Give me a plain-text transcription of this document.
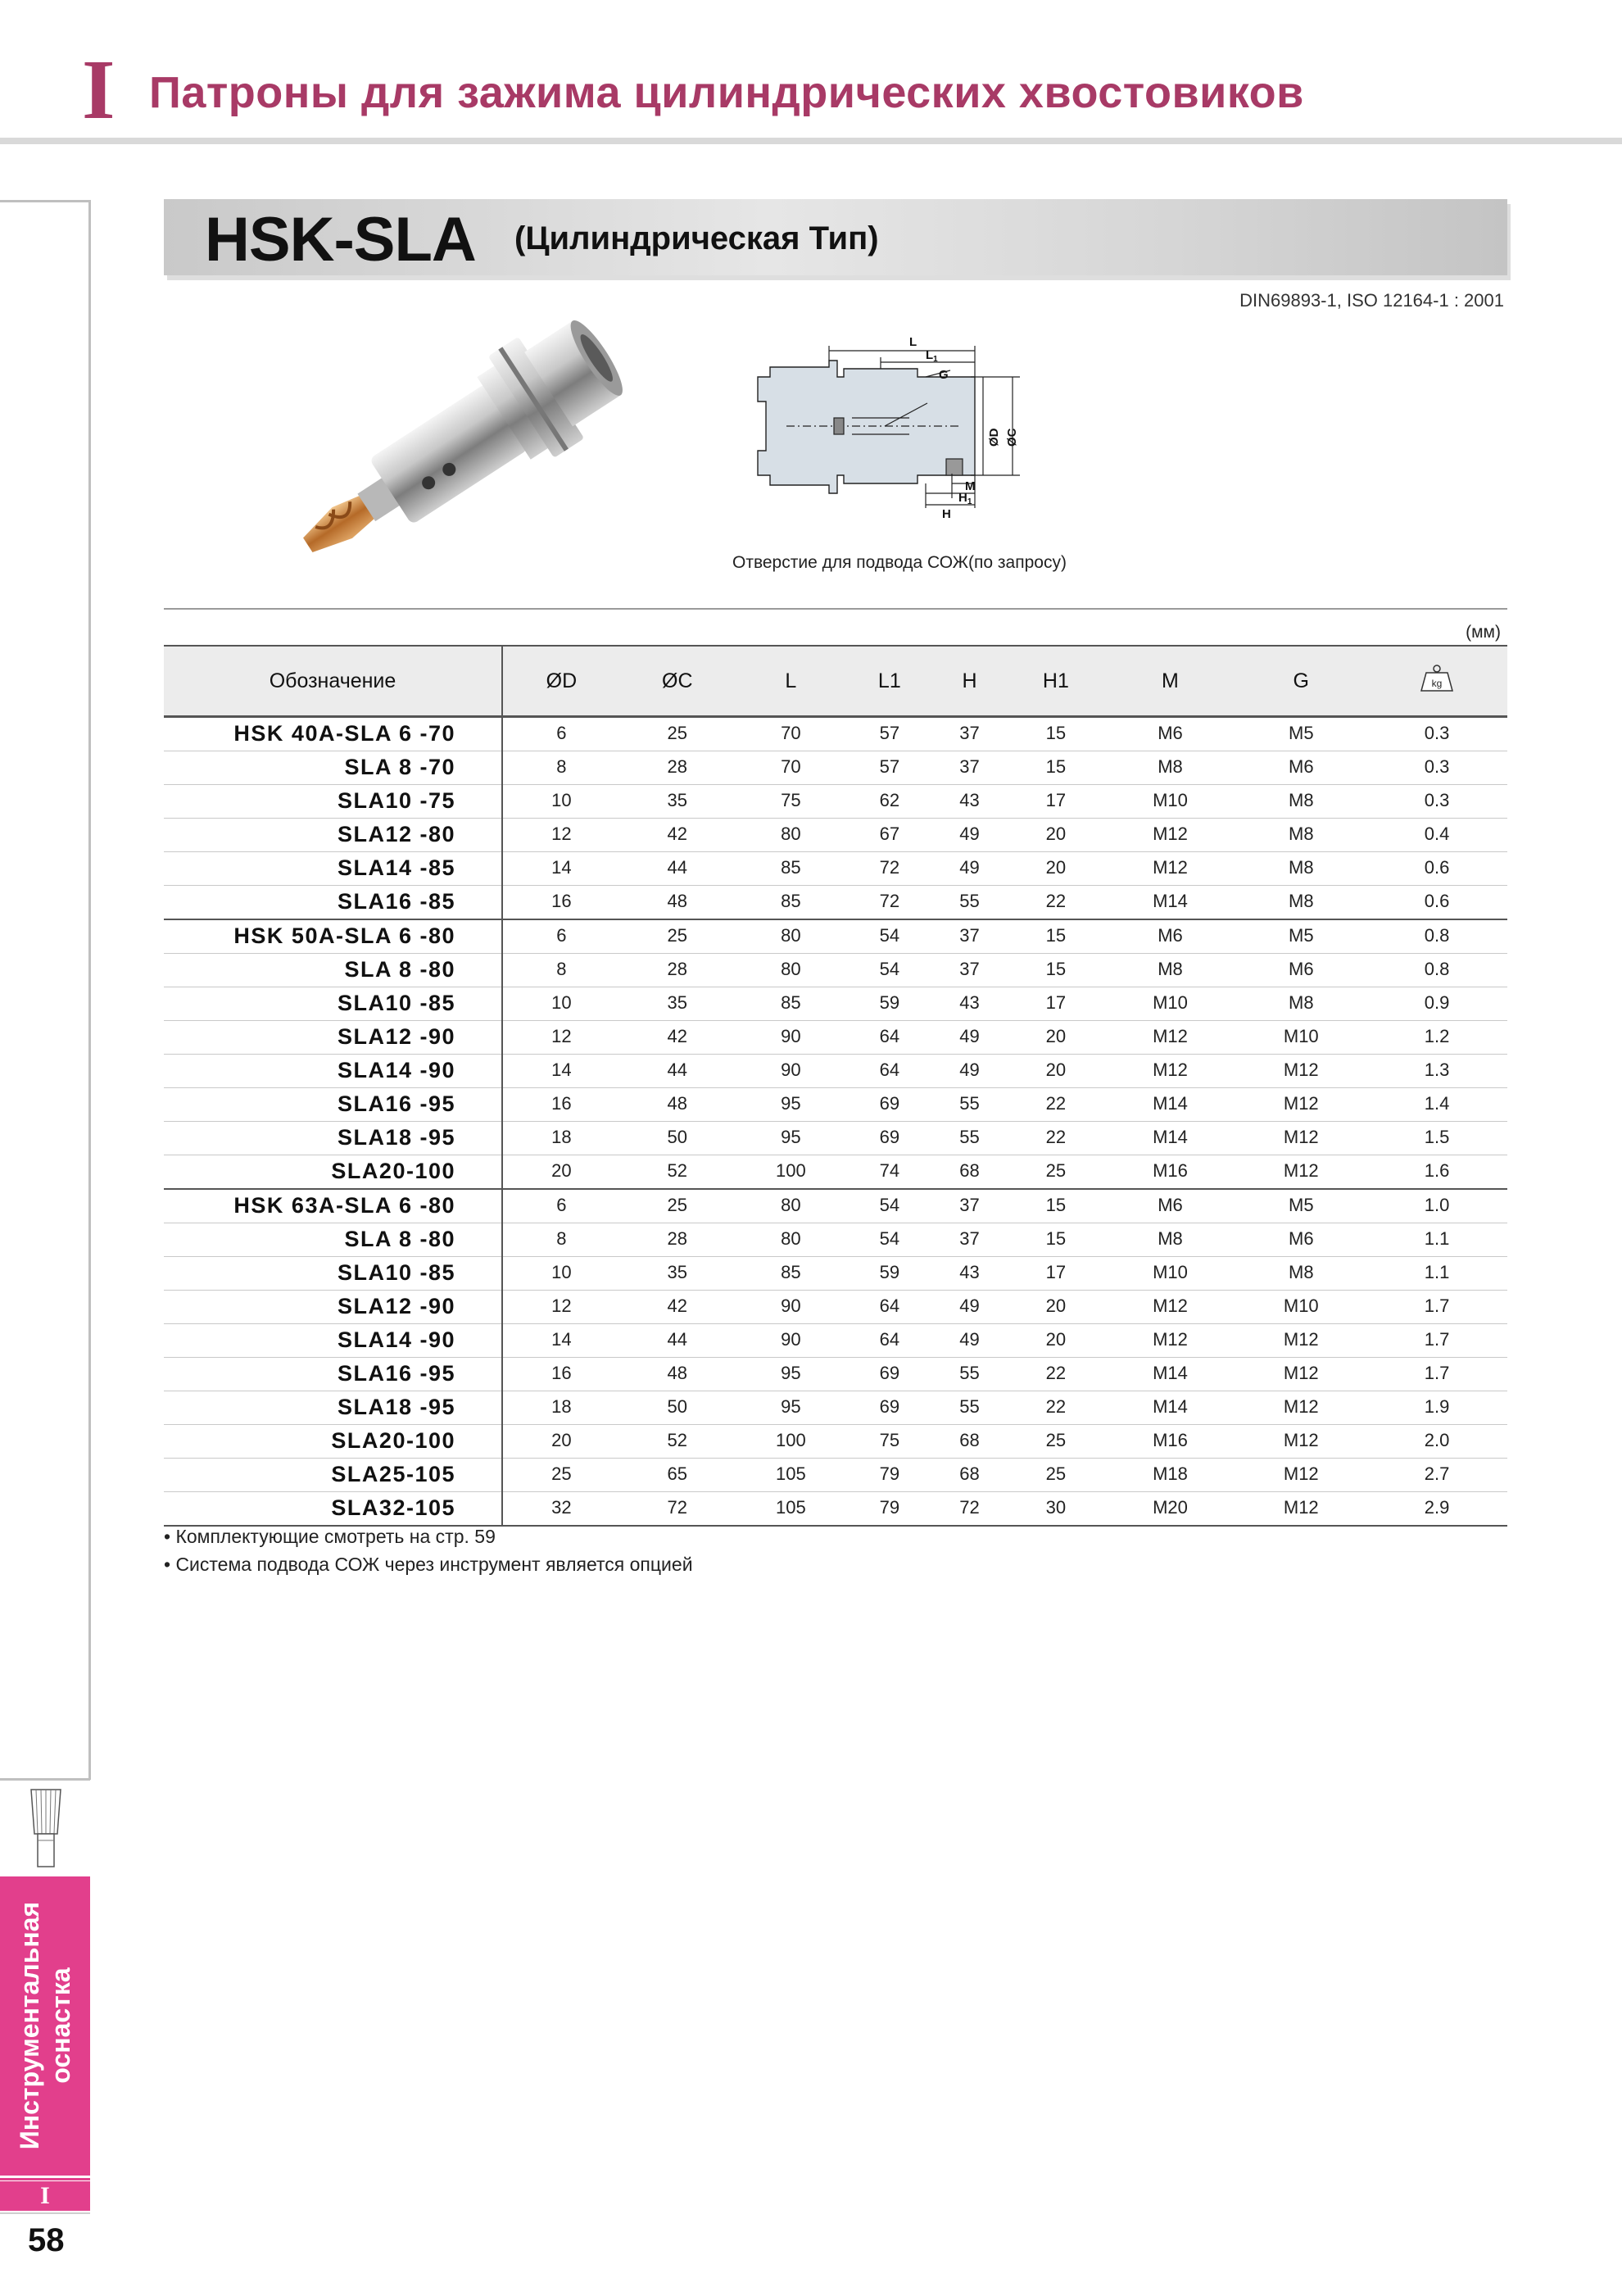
I Патроны для зажима цилиндрических хвостовиков
HSK-SLA (Цилиндрическая Тип)
DIN69893-1, ISO 12164-1 : 2001
L
$L_1$
G
ØD ØC
M
$H_1$
H
Отверстие для подвода СОЖ(по запросу)
(мм)
Обозначение	ØD	ØC	L	L1	H	H1	M	G	kg

HSK 40A-SLA 6 -70	6	25	70	57	37	15	M6	M5	0.3
SLA 8 -70	8	28	70	57	37	15	M8	M6	0.3
SLA10 -75	10	35	75	62	43	17	M10	M8	0.3
SLA12 -80	12	42	80	67	49	20	M12	M8	0.4
SLA14 -85	14	44	85	72	49	20	M12	M8	0.6
SLA16 -85	16	48	85	72	55	22	M14	M8	0.6
HSK 50A-SLA 6 -80	6	25	80	54	37	15	M6	M5	0.8
SLA 8 -80	8	28	80	54	37	15	M8	M6	0.8
SLA10 -85	10	35	85	59	43	17	M10	M8	0.9
SLA12 -90	12	42	90	64	49	20	M12	M10	1.2
SLA14 -90	14	44	90	64	49	20	M12	M12	1.3
SLA16 -95	16	48	95	69	55	22	M14	M12	1.4
SLA18 -95	18	50	95	69	55	22	M14	M12	1.5
SLA20-100	20	52	100	74	68	25	M16	M12	1.6
HSK 63A-SLA 6 -80	6	25	80	54	37	15	M6	M5	1.0
SLA 8 -80	8	28	80	54	37	15	M8	M6	1.1
SLA10 -85	10	35	85	59	43	17	M10	M8	1.1
SLA12 -90	12	42	90	64	49	20	M12	M10	1.7
SLA14 -90	14	44	90	64	49	20	M12	M12	1.7
SLA16 -95	16	48	95	69	55	22	M14	M12	1.7
SLA18 -95	18	50	95	69	55	22	M14	M12	1.9
SLA20-100	20	52	100	75	68	25	M16	M12	2.0
SLA25-105	25	65	105	79	68	25	M18	M12	2.7
SLA32-105	32	72	105	79	72	30	M20	M12	2.9
• Комплектующие смотреть на стр. 59
• Система подвода СОЖ через инструмент является опцией
Инструментальная оснастка
I
58
